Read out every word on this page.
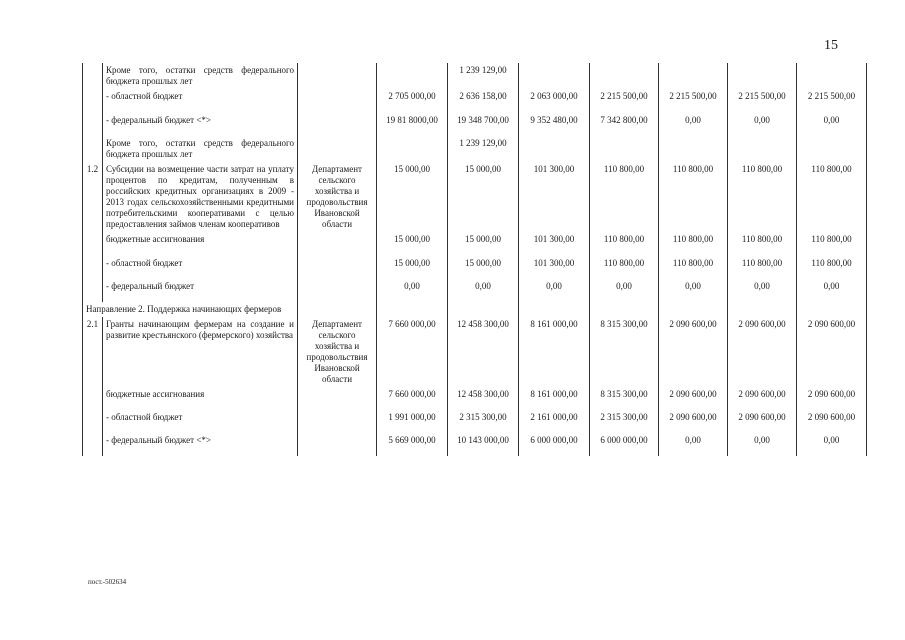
15
	Кроме того, остатки средств федерального бюджета прошлых лет			1 239 129,00					
	- областной бюджет		2 705 000,00	2 636 158,00	2 063 000,00	2 215 500,00	2 215 500,00	2 215 500,00	2 215 500,00
	- федеральный бюджет <*>		19 81 8000,00	19 348 700,00	9 352 480,00	7 342 800,00	0,00	0,00	0,00
	Кроме того, остатки средств федерального бюджета прошлых лет			1 239 129,00					
1.2	Субсидии на возмещение части затрат на уплату процентов по кредитам, полученным в российских кредитных организациях в 2009 - 2013 годах сельскохозяйственными кредитными потребительскими кооперативами с целью предоставления займов членам кооперативов	Департамент сельского хозяйства и продовольствия Ивановской области	15 000,00	15 000,00	101 300,00	110 800,00	110 800,00	110 800,00	110 800,00
	бюджетные ассигнования		15 000,00	15 000,00	101 300,00	110 800,00	110 800,00	110 800,00	110 800,00
	- областной бюджет		15 000,00	15 000,00	101 300,00	110 800,00	110 800,00	110 800,00	110 800,00
	- федеральный бюджет		0,00	0,00	0,00	0,00	0,00	0,00	0,00
Направление 2. Поддержка начинающих фермеров									
2.1	Гранты начинающим фермерам на создание и развитие крестьянского (фермерского) хозяйства	Департамент сельского хозяйства и продовольствия Ивановской области	7 660 000,00	12 458 300,00	8 161 000,00	8 315 300,00	2 090 600,00	2 090 600,00	2 090 600,00
	бюджетные ассигнования		7 660 000,00	12 458 300,00	8 161 000,00	8 315 300,00	2 090 600,00	2 090 600,00	2 090 600,00
	- областной бюджет		1 991 000,00	2 315 300,00	2 161 000,00	2 315 300,00	2 090 600,00	2 090 600,00	2 090 600,00
	- федеральный бюджет <*>		5 669 000,00	10 143 000,00	6 000 000,00	6 000 000,00	0,00	0,00	0,00
пост.-502634
